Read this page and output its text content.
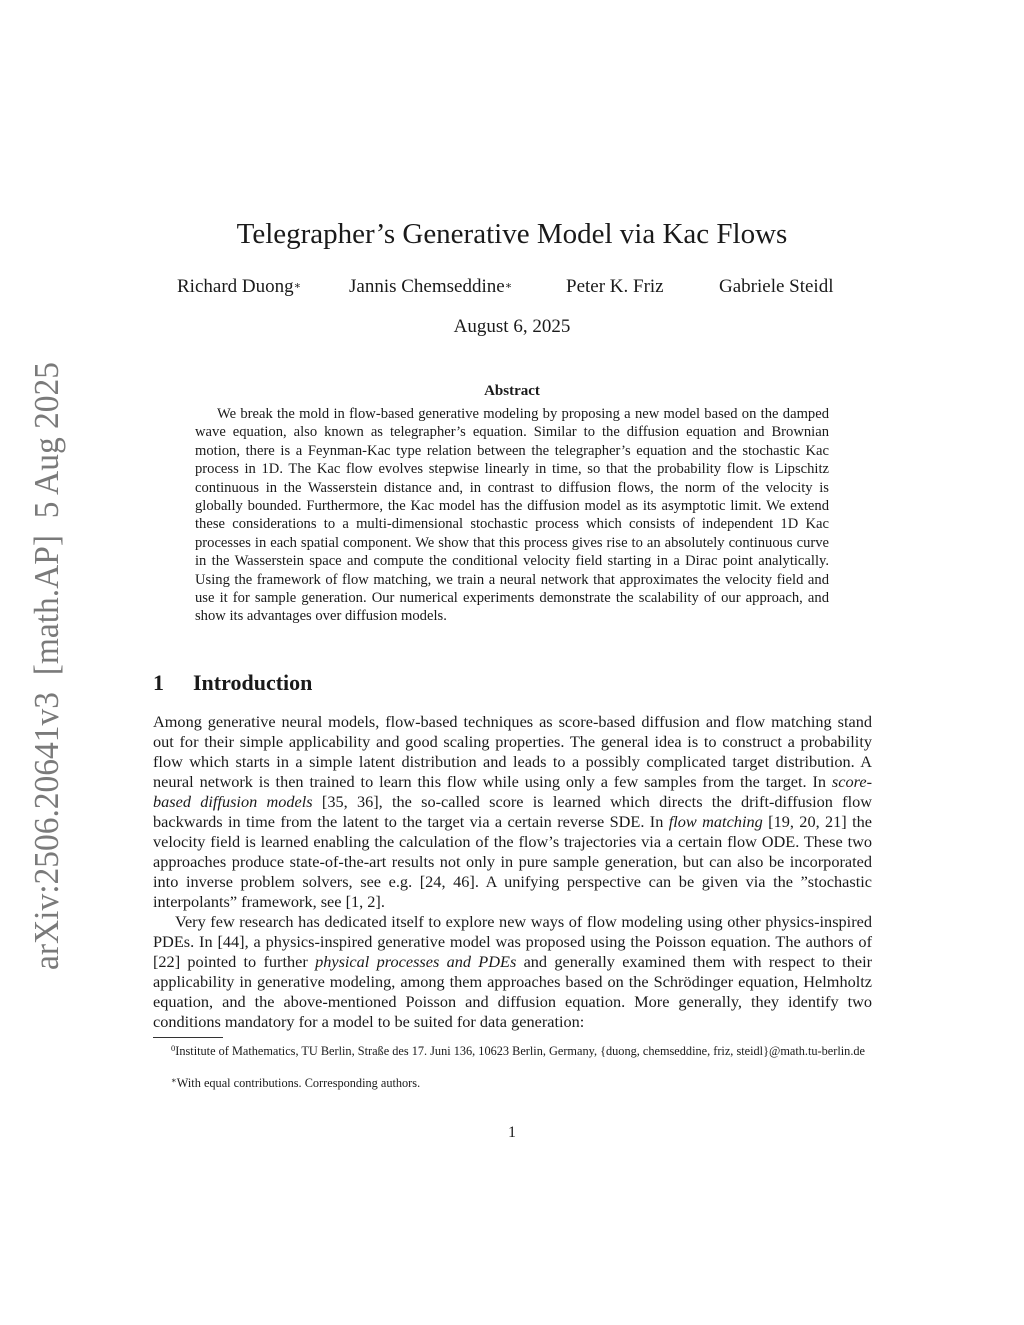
arXiv:2506.20641v3  [math.AP]  5 Aug 2025
Telegrapher’s Generative Model via Kac Flows
Richard Duong∗	Jannis Chemseddine∗	Peter K. Friz	Gabriele Steidl
August 6, 2025
Abstract

We break the mold in flow-based generative modeling by proposing a new model based on the damped wave equation, also known as telegrapher’s equation. Similar to the diffusion equation and Brownian motion, there is a Feynman-Kac type relation between the telegrapher’s equation and the stochastic Kac process in 1D. The Kac flow evolves stepwise linearly in time, so that the probability flow is Lipschitz continuous in the Wasserstein distance and, in contrast to diffusion flows, the norm of the velocity is globally bounded. Furthermore, the Kac model has the diffusion model as its asymptotic limit. We extend these considerations to a multi-dimensional stochastic process which consists of independent 1D Kac processes in each spatial component. We show that this process gives rise to an absolutely continuous curve in the Wasserstein space and compute the conditional velocity field starting in a Dirac point analytically. Using the framework of flow matching, we train a neural network that approximates the velocity field and use it for sample generation. Our numerical experiments demonstrate the scalability of our approach, and show its advantages over diffusion models.

1 Introduction

Among generative neural models, flow-based techniques as score-based diffusion and flow matching stand out for their simple applicability and good scaling properties. The general idea is to construct a probability flow which starts in a simple latent distribution and leads to a possibly complicated target distribution. A neural network is then trained to learn this flow while using only a few samples from the target. In score-based diffusion models [35, 36], the so-called score is learned which directs the drift-diffusion flow backwards in time from the latent to the target via a certain reverse SDE. In flow matching [19, 20, 21] the velocity field is learned enabling the calculation of the flow’s trajectories via a certain flow ODE. These two approaches produce state-of-the-art results not only in pure sample generation, but can also be incorporated into inverse problem solvers, see e.g. [24, 46]. A unifying perspective can be given via the ”stochastic interpolants” framework, see [1, 2].

Very few research has dedicated itself to explore new ways of flow modeling using other physics-inspired PDEs. In [44], a physics-inspired generative model was proposed using the Poisson equation. The authors of [22] pointed to further physical processes and PDEs and generally examined them with respect to their applicability in generative modeling, among them approaches based on the Schrödinger equation, Helmholtz equation, and the above-mentioned Poisson and diffusion equation. More generally, they identify two conditions mandatory for a model to be suited for data generation:

$^0$Institute of Mathematics, TU Berlin, Straße des 17. Juni 136, 10623 Berlin, Germany, {duong, chemseddine, friz, steidl}@math.tu-berlin.de

∗With equal contributions. Corresponding authors.

1
